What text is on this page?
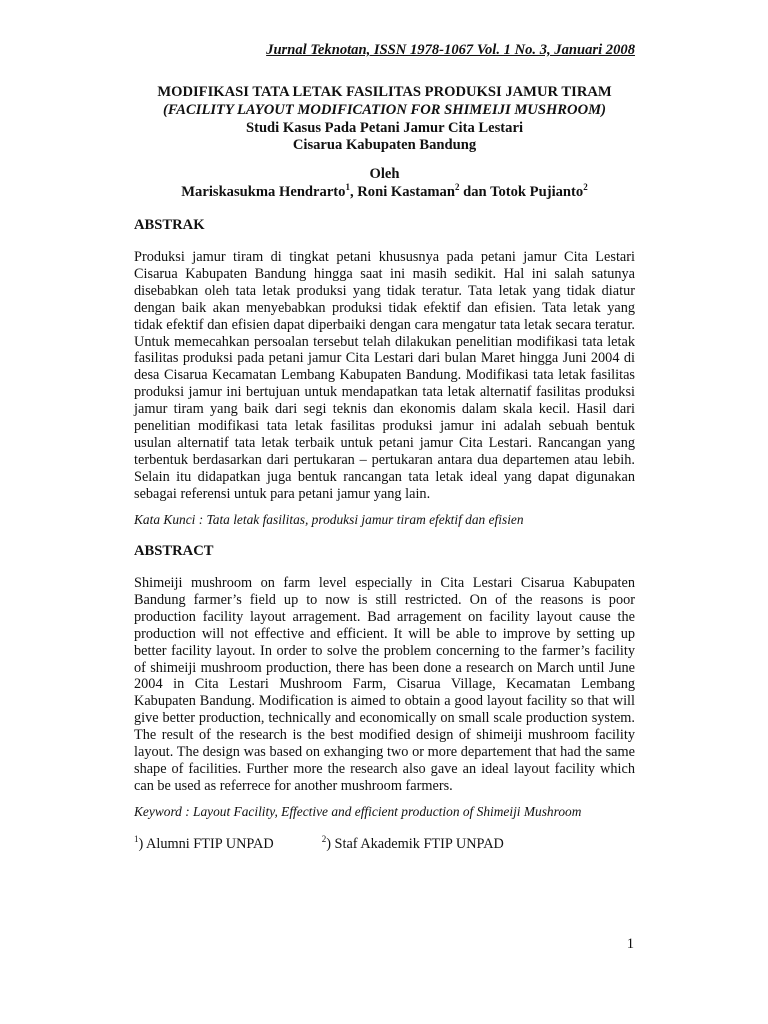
Jurnal Teknotan, ISSN 1978-1067 Vol. 1 No. 3, Januari 2008
MODIFIKASI TATA LETAK FASILITAS PRODUKSI JAMUR TIRAM
(FACILITY LAYOUT MODIFICATION FOR SHIMEIJI MUSHROOM)
Studi Kasus Pada Petani Jamur Cita Lestari
Cisarua Kabupaten Bandung
Oleh
Mariskasukma Hendrarto$^1$, Roni Kastaman$^2$ dan Totok Pujianto$^2$
ABSTRAK
Produksi jamur tiram di tingkat petani khususnya pada petani jamur Cita Lestari Cisarua Kabupaten Bandung hingga saat ini masih sedikit. Hal ini salah satunya disebabkan oleh tata letak produksi yang tidak teratur. Tata letak yang tidak diatur dengan baik akan menyebabkan produksi tidak efektif dan efisien. Tata letak yang tidak efektif dan efisien dapat diperbaiki dengan cara mengatur tata letak secara teratur. Untuk memecahkan persoalan tersebut telah dilakukan penelitian modifikasi tata letak fasilitas produksi pada petani jamur Cita Lestari dari bulan Maret hingga Juni 2004 di desa Cisarua Kecamatan Lembang Kabupaten Bandung. Modifikasi tata letak fasilitas produksi jamur ini bertujuan untuk mendapatkan tata letak alternatif fasilitas produksi jamur tiram yang baik dari segi teknis dan ekonomis dalam skala kecil. Hasil dari penelitian modifikasi tata letak fasilitas produksi jamur ini adalah sebuah bentuk usulan alternatif tata letak terbaik untuk petani jamur Cita Lestari. Rancangan yang terbentuk berdasarkan dari pertukaran – pertukaran antara dua departemen atau lebih. Selain itu didapatkan juga bentuk rancangan tata letak ideal yang dapat digunakan sebagai referensi untuk para petani jamur yang lain.
Kata Kunci : Tata letak fasilitas, produksi jamur tiram efektif dan efisien
ABSTRACT
Shimeiji mushroom on farm level especially in Cita Lestari Cisarua Kabupaten Bandung farmer’s field up to now is still restricted. On of the reasons is poor production facility layout arragement. Bad arragement on facility layout cause the production will not effective and efficient. It will be able to improve by setting up better facility layout. In order to solve the problem concerning to the farmer’s facility of shimeiji mushroom production, there has been done a research on March until June 2004 in Cita Lestari Mushroom Farm, Cisarua Village, Kecamatan Lembang Kabupaten Bandung. Modification is aimed to obtain a good layout facility so that will give better production, technically and economically on small scale production system. The result of the research is the best modified design of shimeiji mushroom facility layout. The design was based on exhanging two or more departement that had the same shape of facilities. Further more the research also gave an ideal layout facility which can be used as referrece for another mushroom farmers.
Keyword : Layout Facility, Effective and efficient production of Shimeiji Mushroom
$^1$) Alumni FTIP UNPAD	$^2$) Staf Akademik FTIP UNPAD
1
